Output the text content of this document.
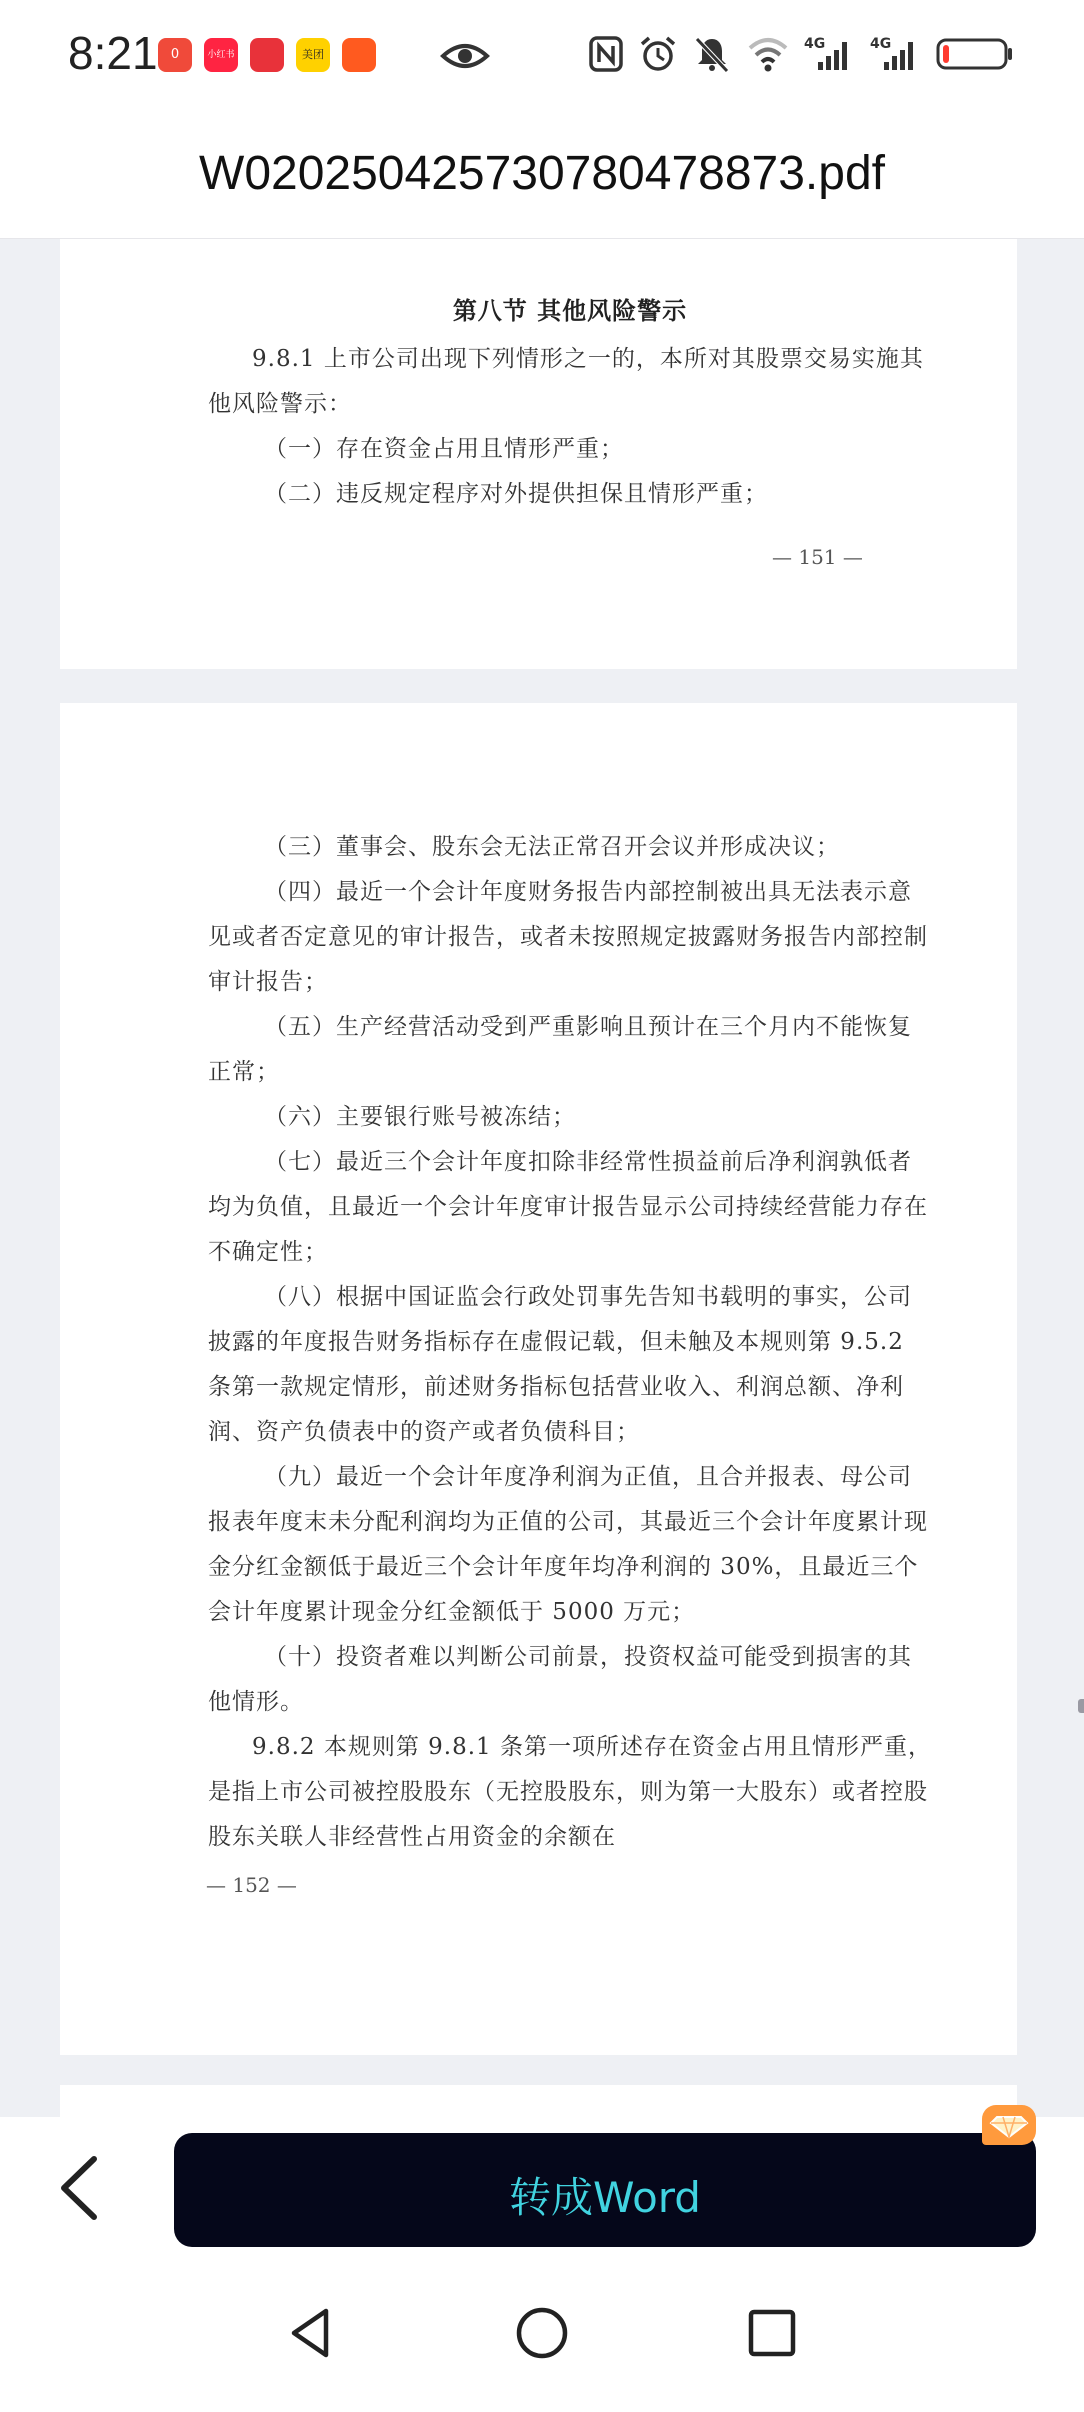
8:21	0	小红书	美团
4G	4G
W020250425730780478873.pdf

第八节 其他风险警示

9.8.1 上市公司出现下列情形之一的，本所对其股票交易实施其他风险警示：

（一）存在资金占用且情形严重；

（二）违反规定程序对外提供担保且情形严重；

— 151 —

（三）董事会、股东会无法正常召开会议并形成决议；

（四）最近一个会计年度财务报告内部控制被出具无法表示意见或者否定意见的审计报告，或者未按照规定披露财务报告内部控制审计报告；

（五）生产经营活动受到严重影响且预计在三个月内不能恢复正常；

（六）主要银行账号被冻结；

（七）最近三个会计年度扣除非经常性损益前后净利润孰低者均为负值，且最近一个会计年度审计报告显示公司持续经营能力存在不确定性；

（八）根据中国证监会行政处罚事先告知书载明的事实，公司披露的年度报告财务指标存在虚假记载，但未触及本规则第 9.5.2 条第一款规定情形，前述财务指标包括营业收入、利润总额、净利润、资产负债表中的资产或者负债科目；

（九）最近一个会计年度净利润为正值，且合并报表、母公司报表年度末未分配利润均为正值的公司，其最近三个会计年度累计现金分红金额低于最近三个会计年度年均净利润的 30%，且最近三个会计年度累计现金分红金额低于 5000 万元；

（十）投资者难以判断公司前景，投资权益可能受到损害的其他情形。

9.8.2 本规则第 9.8.1 条第一项所述存在资金占用且情形严重，是指上市公司被控股股东（无控股股东，则为第一大股东）或者控股股东关联人非经营性占用资金的余额在

— 152 —
转成Word
